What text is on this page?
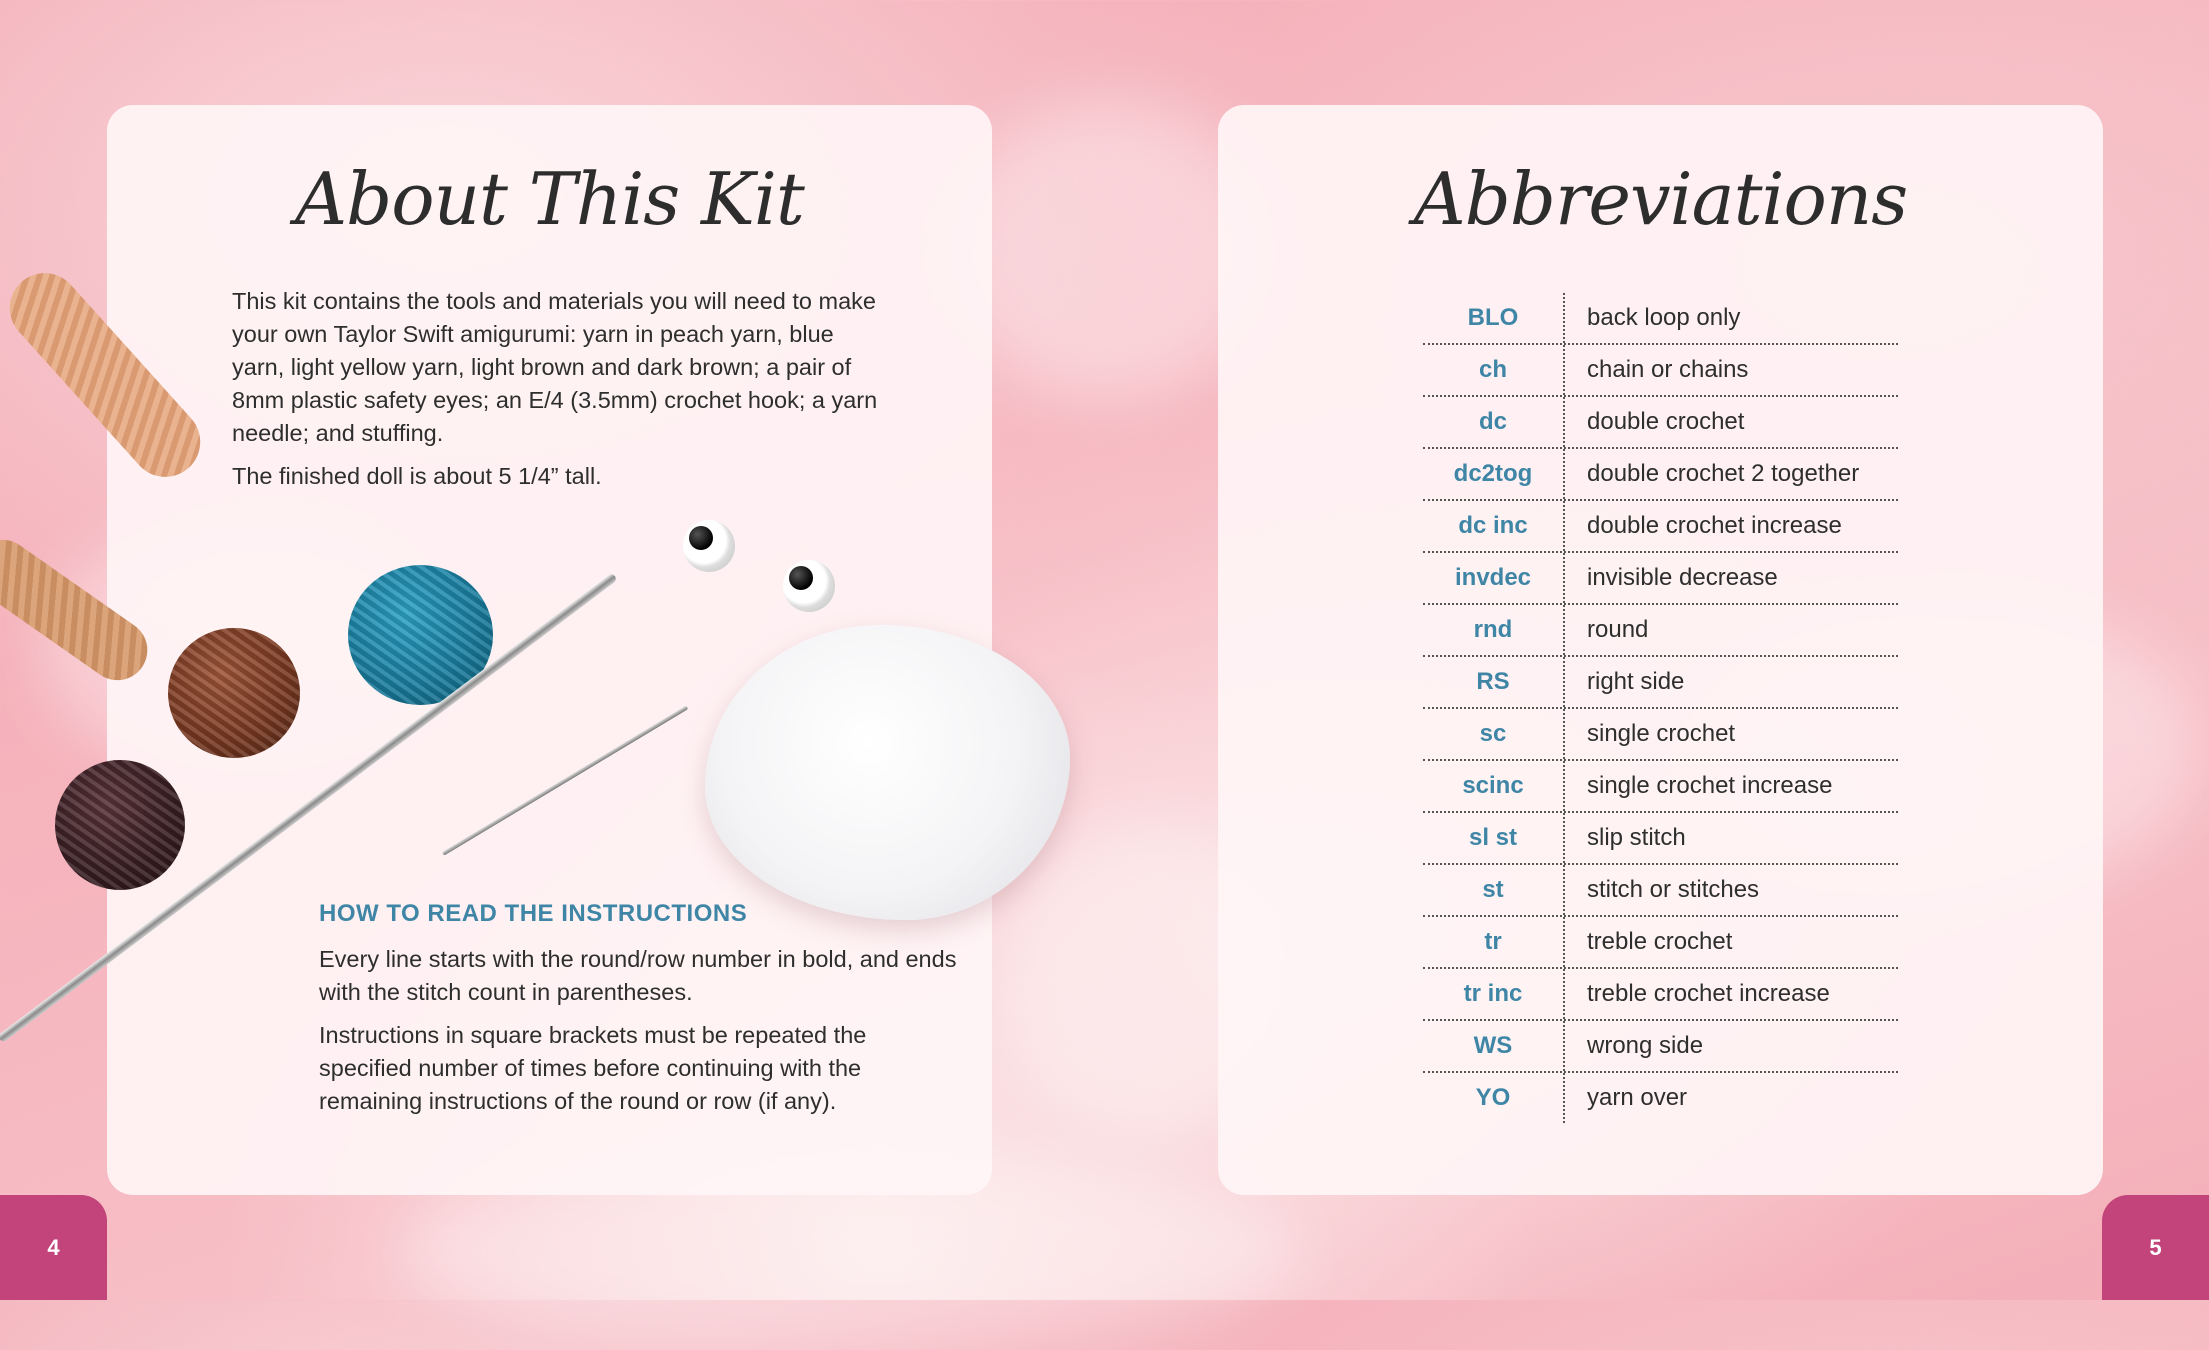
About This Kit

This kit contains the tools and materials you will need to make your own Taylor Swift amigurumi: yarn in peach yarn, blue yarn, light yellow yarn, light brown and dark brown; a pair of 8mm plastic safety eyes; an E/4 (3.5mm) crochet hook; a yarn needle; and stuffing.

The finished doll is about 5 1/4” tall.

HOW TO READ THE INSTRUCTIONS

Every line starts with the round/row number in bold, and ends with the stitch count in parentheses.

Instructions in square brackets must be repeated the specified number of times before continuing with the remaining instructions of the round or row (if any).

4
Abbreviations
BLO	back loop only
ch	chain or chains
dc	double crochet
dc2tog	double crochet 2 together
dc inc	double crochet increase
invdec	invisible decrease
rnd	round
RS	right side
sc	single crochet
scinc	single crochet increase
sl st	slip stitch
st	stitch or stitches
tr	treble crochet
tr inc	treble crochet increase
WS	wrong side
YO	yarn over
5
